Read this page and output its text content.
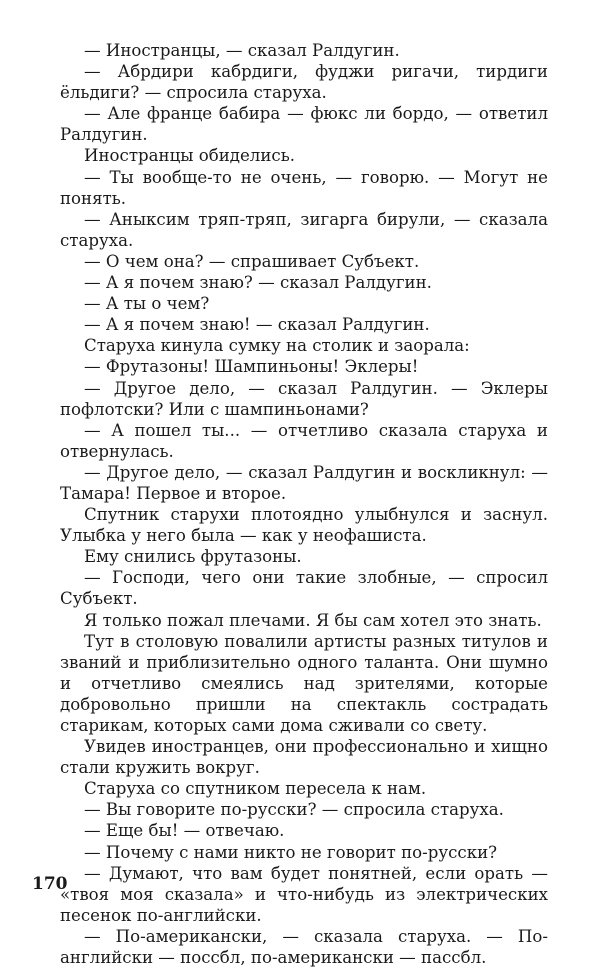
— Иностранцы, — сказал Ралдугин.

— Абрдири кабрдиги, фуджи ригачи, тирдиги ёльдиги? — спросила старуха.

— Але франце бабира — фюкс ли бордо, — ответил Ралдугин.

Иностранцы обиделись.

— Ты вообще-то не очень, — говорю. — Могут не понять.

— Аныксим тряп-тряп, зигарга бирули, — сказала старуха.

— О чем она? — спрашивает Субъект.

— А я почем знаю? — сказал Ралдугин.

— А ты о чем?

— А я почем знаю! — сказал Ралдугин.

Старуха кинула сумку на столик и заорала:

— Фрутазоны! Шампиньоны! Эклеры!

— Другое дело, — сказал Ралдугин. — Эклеры пофлотски? Или с шампиньонами?

— А пошел ты... — отчетливо сказала старуха и отвернулась.

— Другое дело, — сказал Ралдугин и воскликнул: — Тамара! Первое и второе.

Спутник старухи плотоядно улыбнулся и заснул. Улыбка у него была — как у неофашиста.

Ему снились фрутазоны.

— Господи, чего они такие злобные, — спросил Субъект.

Я только пожал плечами. Я бы сам хотел это знать.

Тут в столовую повалили артисты разных титулов и званий и приблизительно одного таланта. Они шумно и отчетливо смеялись над зрителями, которые добровольно пришли на спектакль сострадать старикам, которых сами дома сживали со свету.

Увидев иностранцев, они профессионально и хищно стали кружить вокруг.

Старуха со спутником пересела к нам.

— Вы говорите по-русски? — спросила старуха.

— Еще бы! — отвечаю.

— Почему с нами никто не говорит по-русски?

— Думают, что вам будет понятней, если орать — «твоя моя сказала» и что-нибудь из электрических песенок по-английски.

— По-американски, — сказала старуха. — По-английски — поссбл, по-американски — пассбл.

170
